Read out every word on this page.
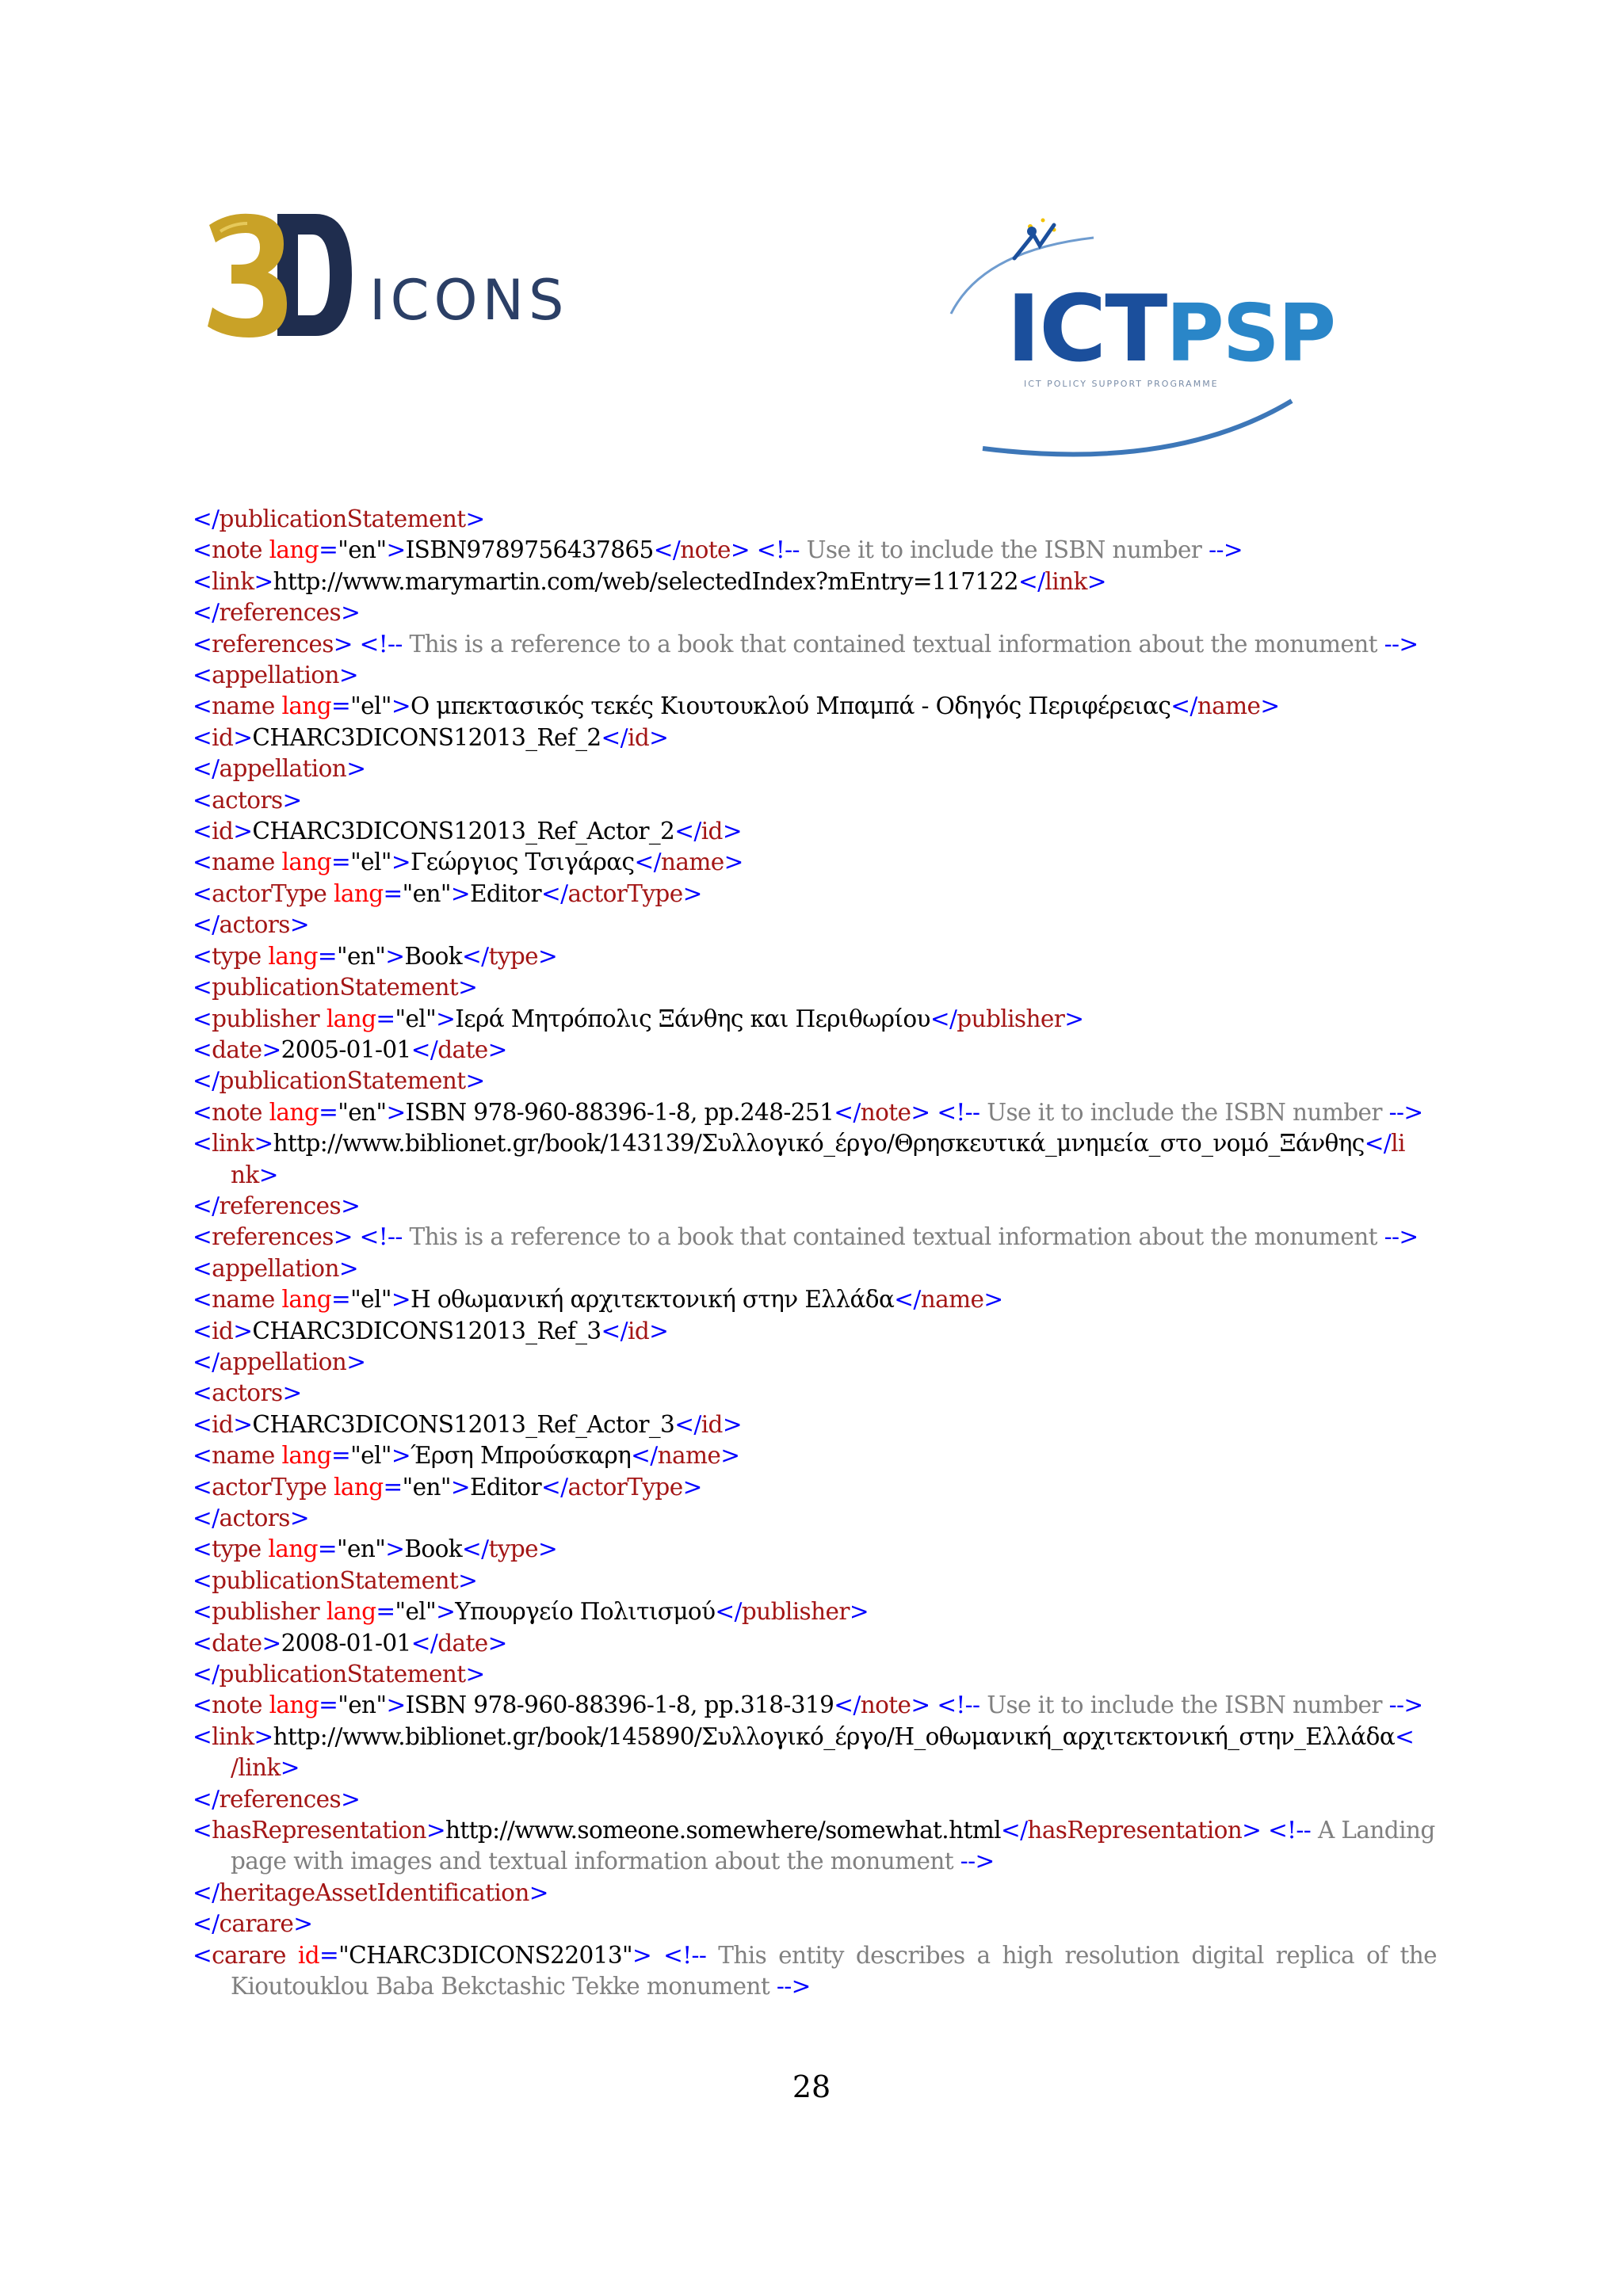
ICONS	ICTPSP
ICT POLICY SUPPORT PROGRAMME
</publicationStatement>
<note lang="en">ISBN9789756437865</note> <!-- Use it to include the ISBN number -->
<link>http://www.marymartin.com/web/selectedIndex?mEntry=117122</link>
</references>
<references> <!-- This is a reference to a book that contained textual information about the monument -->
<appellation>
<name lang="el">Ο μπεκτασικός τεκές Κιουτουκλού Μπαμπά - Οδηγός Περιφέρειας</name>
<id>CHARC3DICONS12013_Ref_2</id>
</appellation>
<actors>
<id>CHARC3DICONS12013_Ref_Actor_2</id>
<name lang="el">Γεώργιος Τσιγάρας</name>
<actorType lang="en">Editor</actorType>
</actors>
<type lang="en">Book</type>
<publicationStatement>
<publisher lang="el">Ιερά Μητρόπολις Ξάνθης και Περιθωρίου</publisher>
<date>2005-01-01</date>
</publicationStatement>
<note lang="en">ISBN 978-960-88396-1-8, pp.248-251</note> <!-- Use it to include the ISBN number -->
<link>http://www.biblionet.gr/book/143139/Συλλογικό_έργο/Θρησκευτικά_μνημεία_στο_νομό_Ξάνθης</li
nk>
</references>
<references> <!-- This is a reference to a book that contained textual information about the monument -->
<appellation>
<name lang="el">Η οθωμανική αρχιτεκτονική στην Ελλάδα</name>
<id>CHARC3DICONS12013_Ref_3</id>
</appellation>
<actors>
<id>CHARC3DICONS12013_Ref_Actor_3</id>
<name lang="el">Έρση Μπρούσκαρη</name>
<actorType lang="en">Editor</actorType>
</actors>
<type lang="en">Book</type>
<publicationStatement>
<publisher lang="el">Υπουργείο Πολιτισμού</publisher>
<date>2008-01-01</date>
</publicationStatement>
<note lang="en">ISBN 978-960-88396-1-8, pp.318-319</note> <!-- Use it to include the ISBN number -->
<link>http://www.biblionet.gr/book/145890/Συλλογικό_έργο/Η_οθωμανική_αρχιτεκτονική_στην_Ελλάδα<
/link>
</references>
<hasRepresentation>http://www.someone.somewhere/somewhat.html</hasRepresentation> <!-- A Landing page with images and textual information about the monument -->
</heritageAssetIdentification>
</carare>
<carare id="CHARC3DICONS22013"> <!-- This entity describes a high resolution digital replica of the Kioutouklou Baba Bekctashic Tekke monument -->
28
